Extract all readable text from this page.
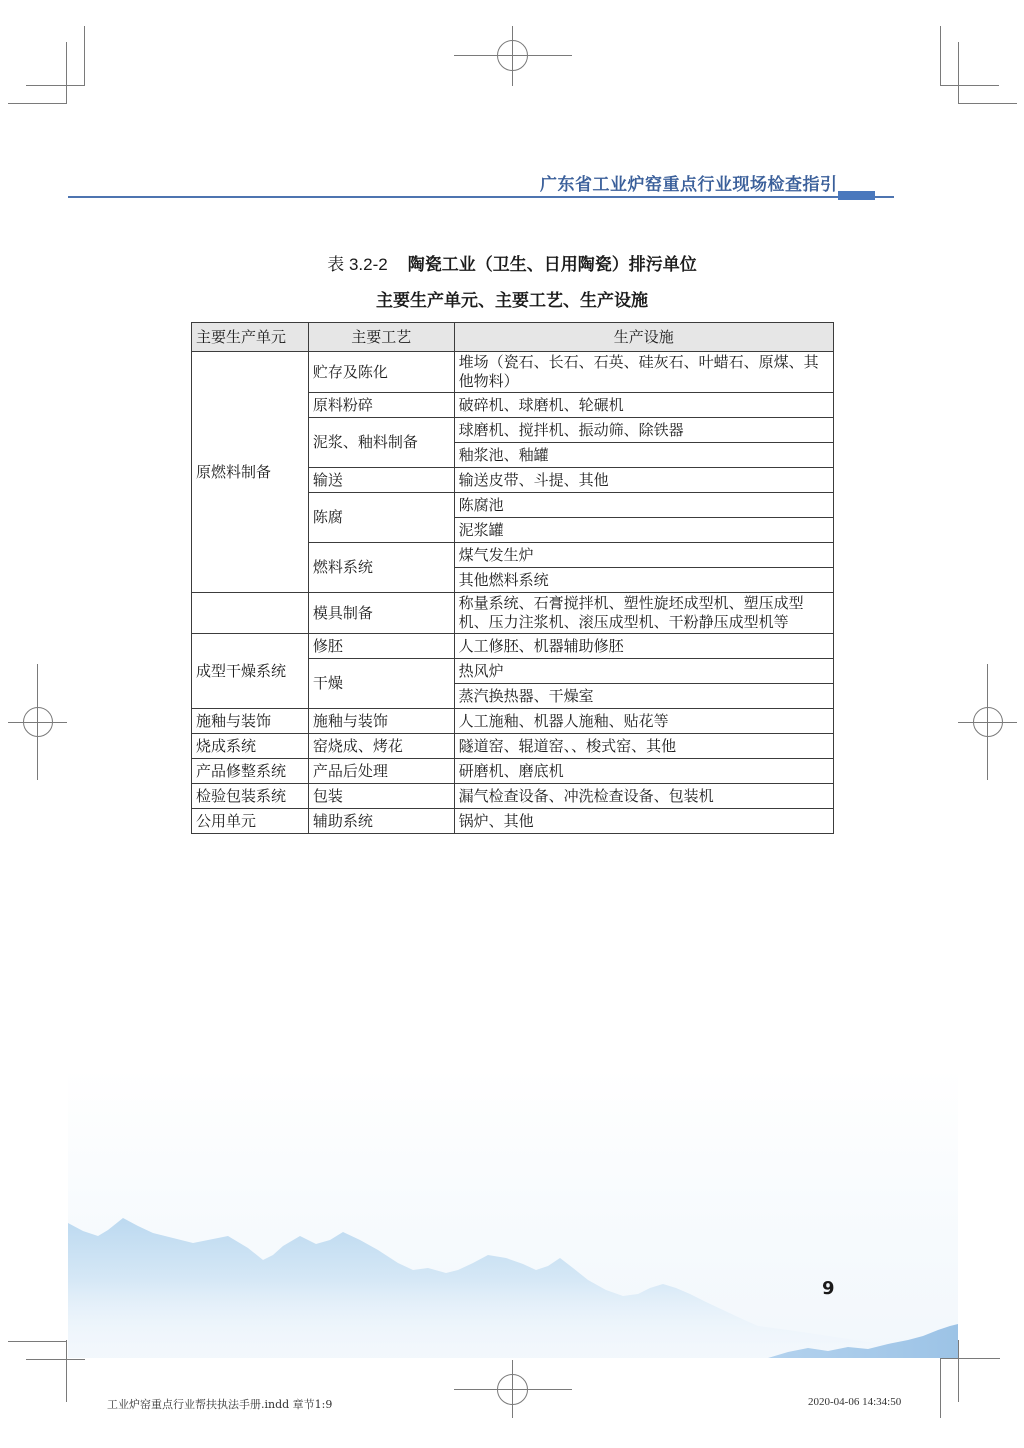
广东省工业炉窑重点行业现场检查指引
表 3.2-2 陶瓷工业（卫生、日用陶瓷）排污单位
主要生产单元、主要工艺、生产设施
主要生产单元	主要工艺	生产设施
原燃料制备	贮存及陈化	堆场（瓷石、长石、石英、硅灰石、叶蜡石、原煤、其他物料）
	原料粉碎	破碎机、球磨机、轮碾机
	泥浆、釉料制备	球磨机、搅拌机、振动筛、除铁器
		釉浆池、釉罐
	输送	输送皮带、斗提、其他
	陈腐	陈腐池
		泥浆罐
	燃料系统	煤气发生炉
		其他燃料系统
	模具制备	称量系统、石膏搅拌机、塑性旋坯成型机、塑压成型机、压力注浆机、滚压成型机、干粉静压成型机等
成型干燥系统	修胚	人工修胚、机器辅助修胚
	干燥	热风炉
		蒸汽换热器、干燥室
施釉与装饰	施釉与装饰	人工施釉、机器人施釉、贴花等
烧成系统	窑烧成、烤花	隧道窑、辊道窑、、梭式窑、其他
产品修整系统	产品后处理	研磨机、磨底机
检验包装系统	包装	漏气检查设备、冲洗检查设备、包装机
公用单元	辅助系统	锅炉、其他
9
工业炉窑重点行业帮扶执法手册.indd 章节1:9	2020-04-06 14:34:50
